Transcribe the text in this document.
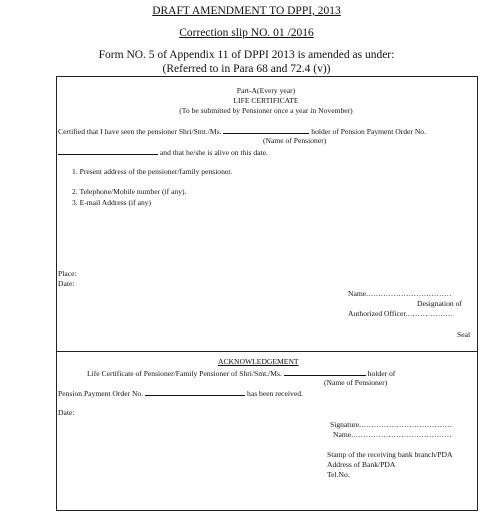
DRAFT AMENDMENT TO DPPI, 2013
Correction slip NO. 01 /2016
Form NO. 5 of Appendix 11 of DPPI 2013 is amended as under:
(Referred to in Para 68 and 72.4 (v))
Part-A(Every year)
LIFE CERTIFICATE
(To be submitted by Pensioner once a year in November)
Certified that I have seen the pensioner Shri/Smt./Ms.	holder of Pension Payment Order No.
(Name of Pensioner)
and that he/she is alive on this date.
1. Present address of the pensioner/family pensioner.
2. Telephone/Mobile number (if any).
3. E-mail Address (if any)
Place:
Date:
Name.……………………………
Designation of
Authorized Officer.………………
Seal
ACKNOWLEDGEMENT
Life Certificate of Pensioner/Family Pensioner of Shri/Smt./Ms.	holder of
(Name of Pensioner)
Pension Payment Order No.	has been received.
Date:
Signature.………………………………
Name.…………………………………
Stamp of the receiving bank branch/PDA
Address of Bank/PDA
Tel.No.
